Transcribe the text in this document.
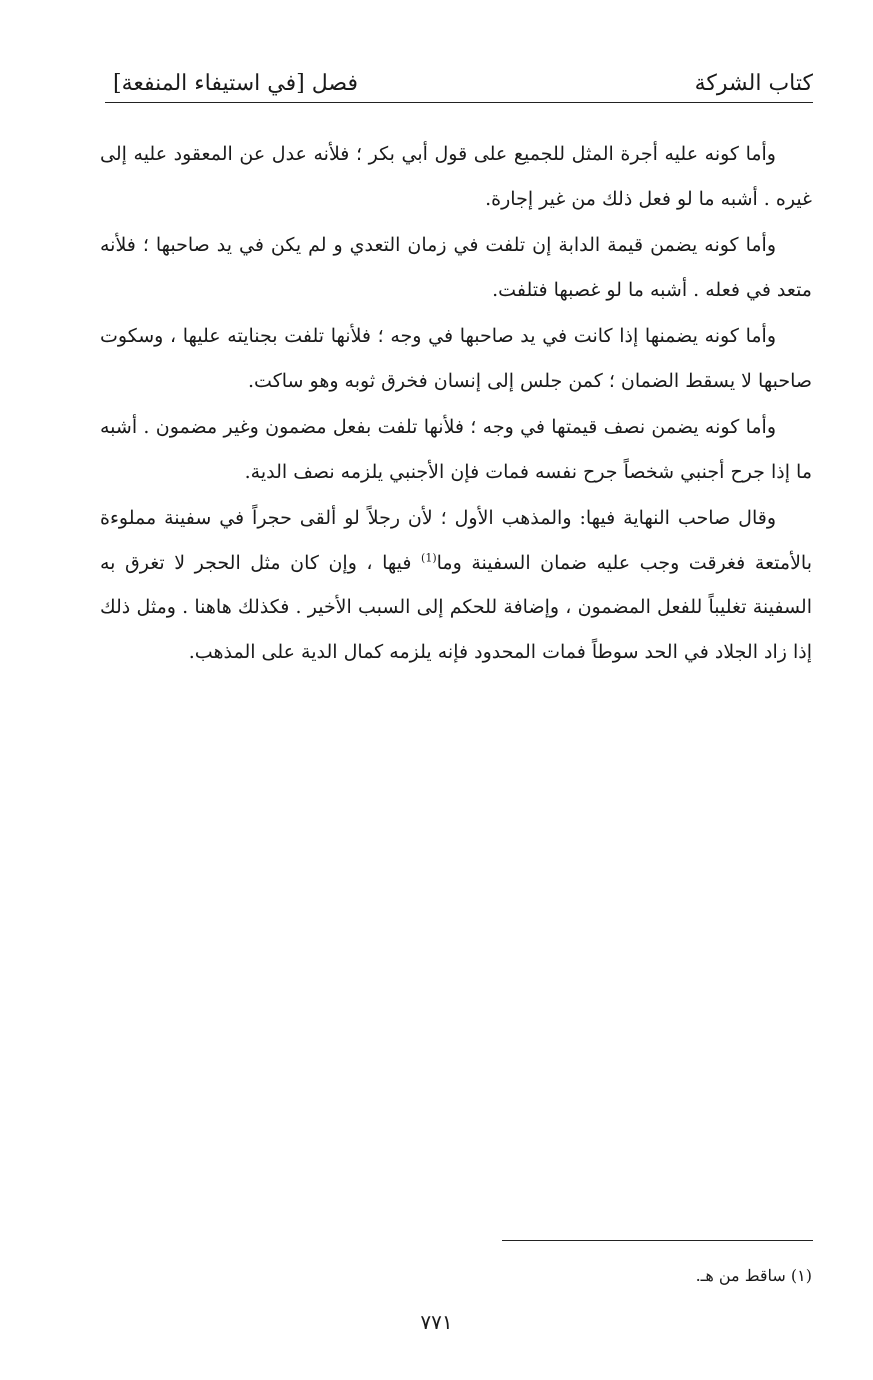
كتاب الشركة
فصل [في استيفاء المنفعة]

وأما كونه عليه أجرة المثل للجميع على قول أبي بكر ؛ فلأنه عدل عن المعقود عليه إلى غيره . أشبه ما لو فعل ذلك من غير إجارة.

وأما كونه يضمن قيمة الدابة إن تلفت في زمان التعدي و لم يكن في يد صاحبها ؛ فلأنه متعد في فعله . أشبه ما لو غصبها فتلفت.

وأما كونه يضمنها إذا كانت في يد صاحبها في وجه ؛ فلأنها تلفت بجنايته عليها ، وسكوت صاحبها لا يسقط الضمان ؛ كمن جلس إلى إنسان فخرق ثوبه وهو ساكت.

وأما كونه يضمن نصف قيمتها في وجه ؛ فلأنها تلفت بفعل مضمون وغير مضمون . أشبه ما إذا جرح أجنبي شخصاً جرح نفسه فمات فإن الأجنبي يلزمه نصف الدية.

وقال صاحب النهاية فيها: والمذهب الأول ؛ لأن رجلاً لو ألقى حجراً في سفينة مملوءة بالأمتعة فغرقت وجب عليه ضمان السفينة وما$^{(1)}$ فيها ، وإن كان مثل الحجر لا تغرق به السفينة تغليباً للفعل المضمون ، وإضافة للحكم إلى السبب الأخير . فكذلك هاهنا . ومثل ذلك إذا زاد الجلاد في الحد سوطاً فمات المحدود فإنه يلزمه كمال الدية على المذهب.

(١) ساقط من هـ.
٧٧١
